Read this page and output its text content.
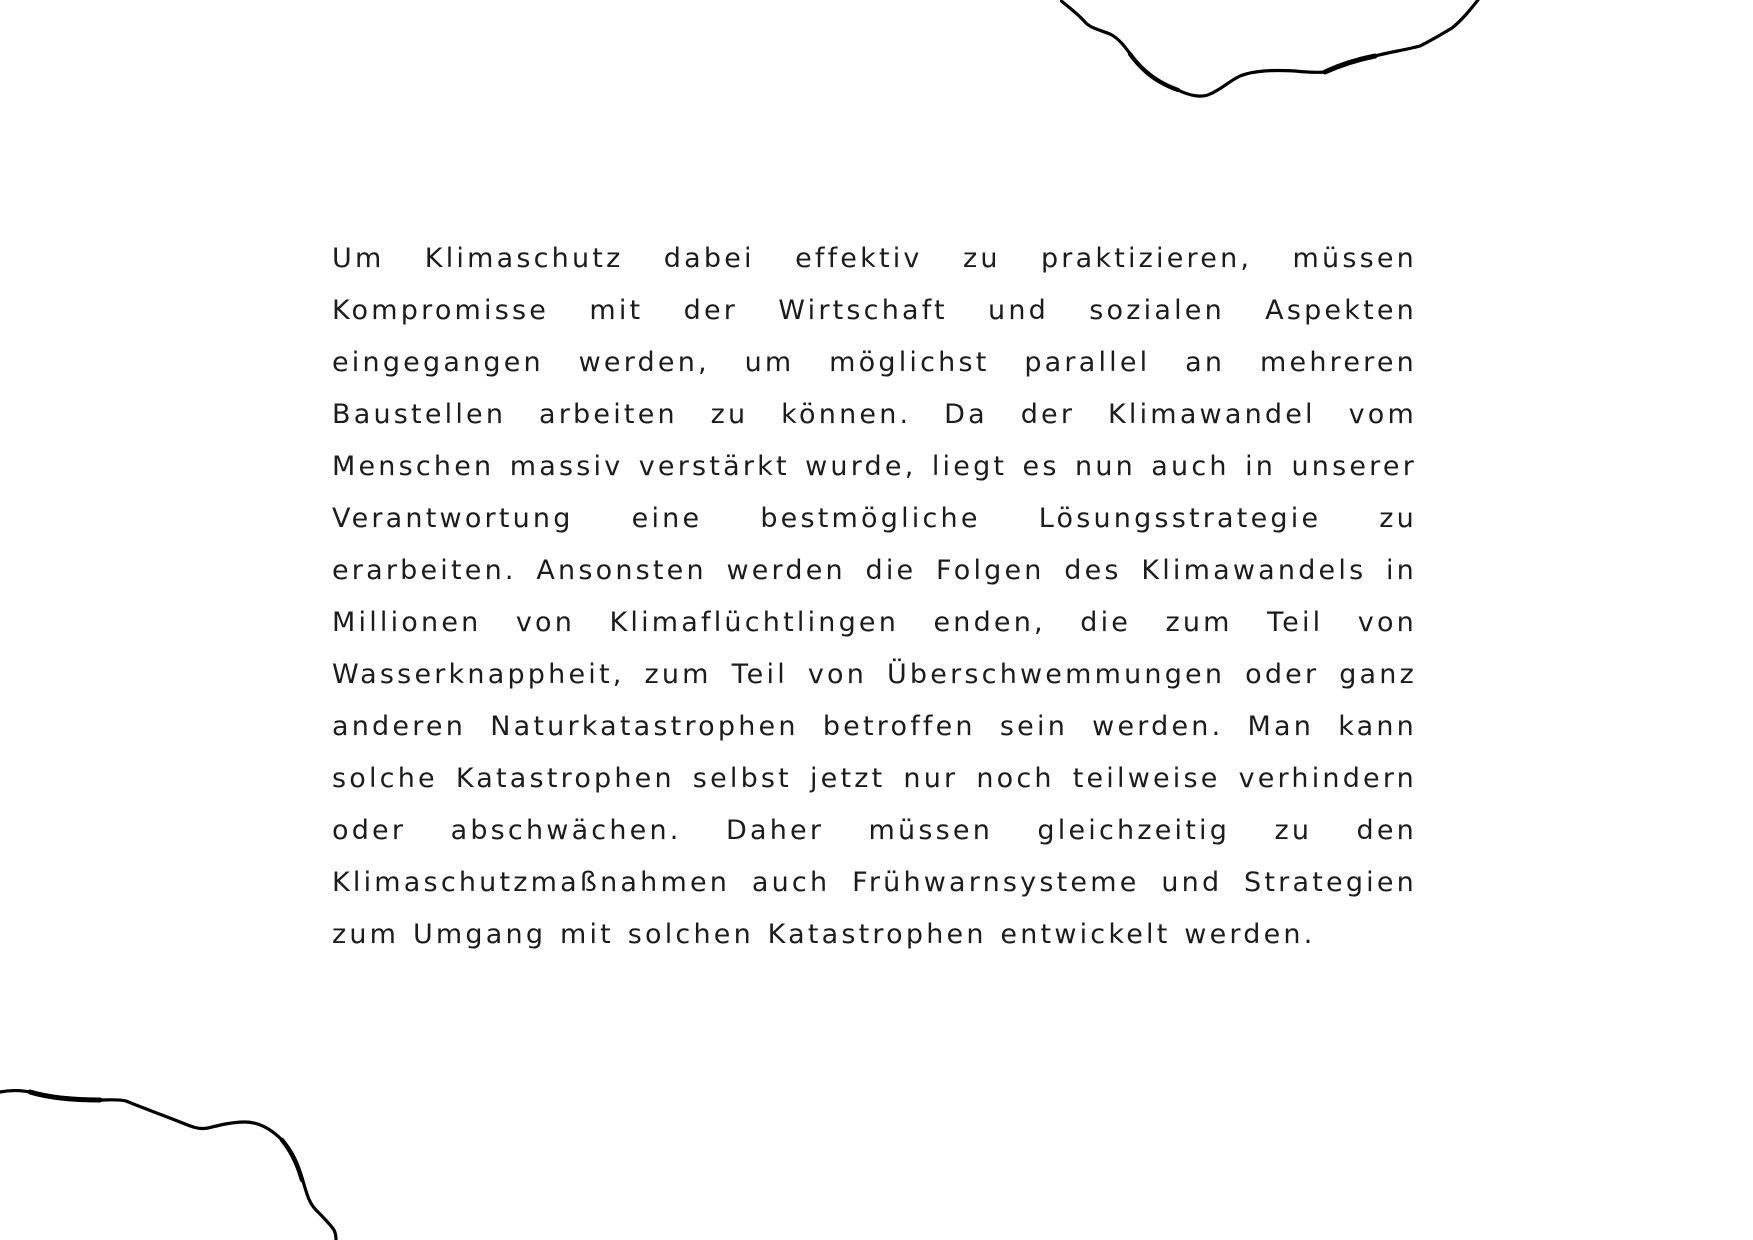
Um Klimaschutz dabei effektiv zu praktizieren, müssen Kompromisse mit der Wirtschaft und sozialen Aspekten eingegangen werden, um möglichst parallel an mehreren Baustellen arbeiten zu können. Da der Klimawandel vom Menschen massiv verstärkt wurde, liegt es nun auch in unserer Verantwortung eine bestmögliche Lösungsstrategie zu erarbeiten. Ansonsten werden die Folgen des Klimawandels in Millionen von Klimaflüchtlingen enden, die zum Teil von Wasserknappheit, zum Teil von Überschwemmungen oder ganz anderen Naturkatastrophen betroffen sein werden. Man kann solche Katastrophen selbst jetzt nur noch teilweise verhindern oder abschwächen. Daher müssen gleichzeitig zu den Klimaschutzmaßnahmen auch Frühwarnsysteme und Strategien zum Umgang mit solchen Katastrophen entwickelt werden.
